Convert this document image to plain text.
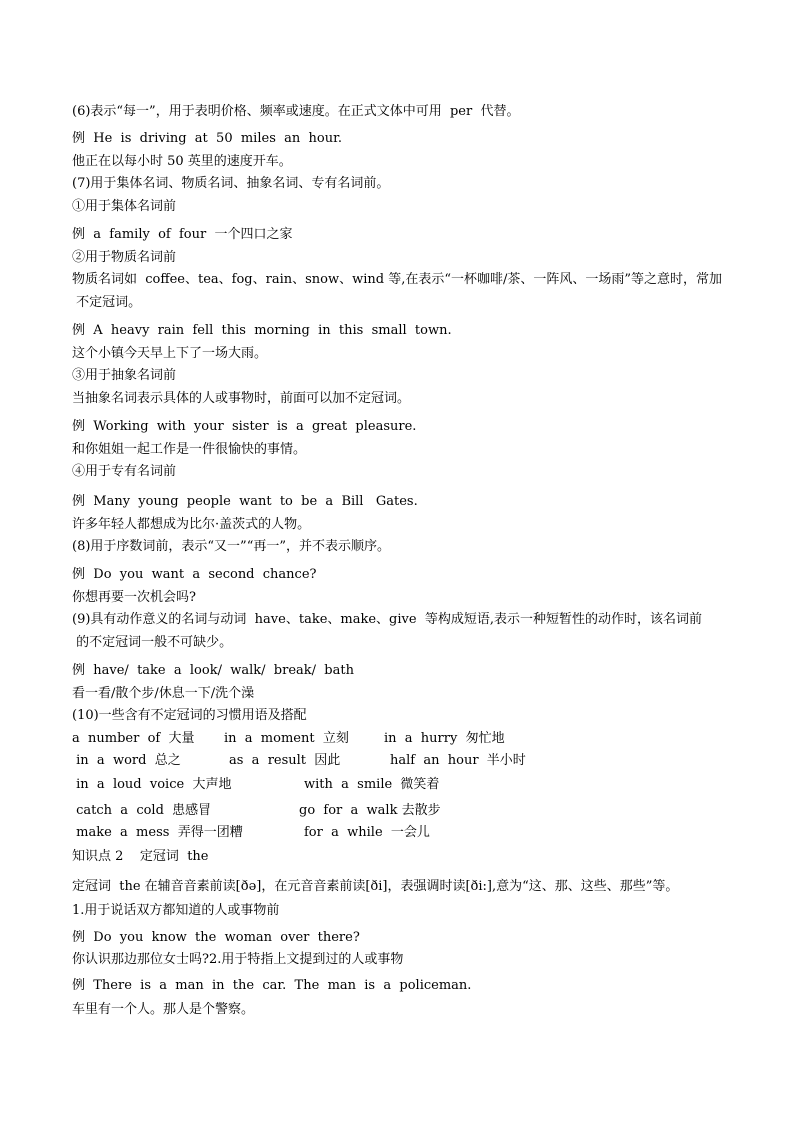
(6)表示“每一”，用于表明价格、频率或速度。在正式文体中可用  per  代替。
例  He  is  driving  at  50  miles  an  hour.
他正在以每小时 50 英里的速度开车。
(7)用于集体名词、物质名词、抽象名词、专有名词前。
①用于集体名词前
例  a  family  of  four  一个四口之家
②用于物质名词前
物质名词如  coffee、tea、fog、rain、snow、wind 等,在表示“一杯咖啡/茶、一阵风、一场雨”等之意时，常加
不定冠词。
例  A  heavy  rain  fell  this  morning  in  this  small  town.
这个小镇今天早上下了一场大雨。
③用于抽象名词前
当抽象名词表示具体的人或事物时，前面可以加不定冠词。
例  Working  with  your  sister  is  a  great  pleasure.
和你姐姐一起工作是一件很愉快的事情。
④用于专有名词前
例  Many  young  people  want  to  be  a  Bill   Gates.
许多年轻人都想成为比尔·盖茨式的人物。
(8)用于序数词前，表示“又一”“再一”，并不表示顺序。
例  Do  you  want  a  second  chance?
你想再要一次机会吗?
(9)具有动作意义的名词与动词  have、take、make、give  等构成短语,表示一种短暂性的动作时，该名词前
的不定冠词一般不可缺少。
例  have/  take  a  look/  walk/  break/  bath
看一看/散个步/休息一下/洗个澡
(10)一些含有不定冠词的习惯用语及搭配
a  number  of  大量 in  a  moment  立刻	in  a  hurry  匆忙地
in  a  word  总之	as  a  result  因此	half  an  hour  半小时
in  a  loud  voice  大声地	with  a  smile  微笑着
catch  a  cold  患感冒	go  for  a  walk 去散步
make  a  mess  弄得一团糟	for  a  while  一会儿
知识点 2    定冠词  the
定冠词  the 在辅音音素前读[ðə]，在元音音素前读[ði]，表强调时读[ði:],意为“这、那、这些、那些”等。
1.用于说话双方都知道的人或事物前
例  Do  you  know  the  woman  over  there?
你认识那边那位女士吗?2.用于特指上文提到过的人或事物
例  There  is  a  man  in  the  car.  The  man  is  a  policeman.
车里有一个人。那人是个警察。
